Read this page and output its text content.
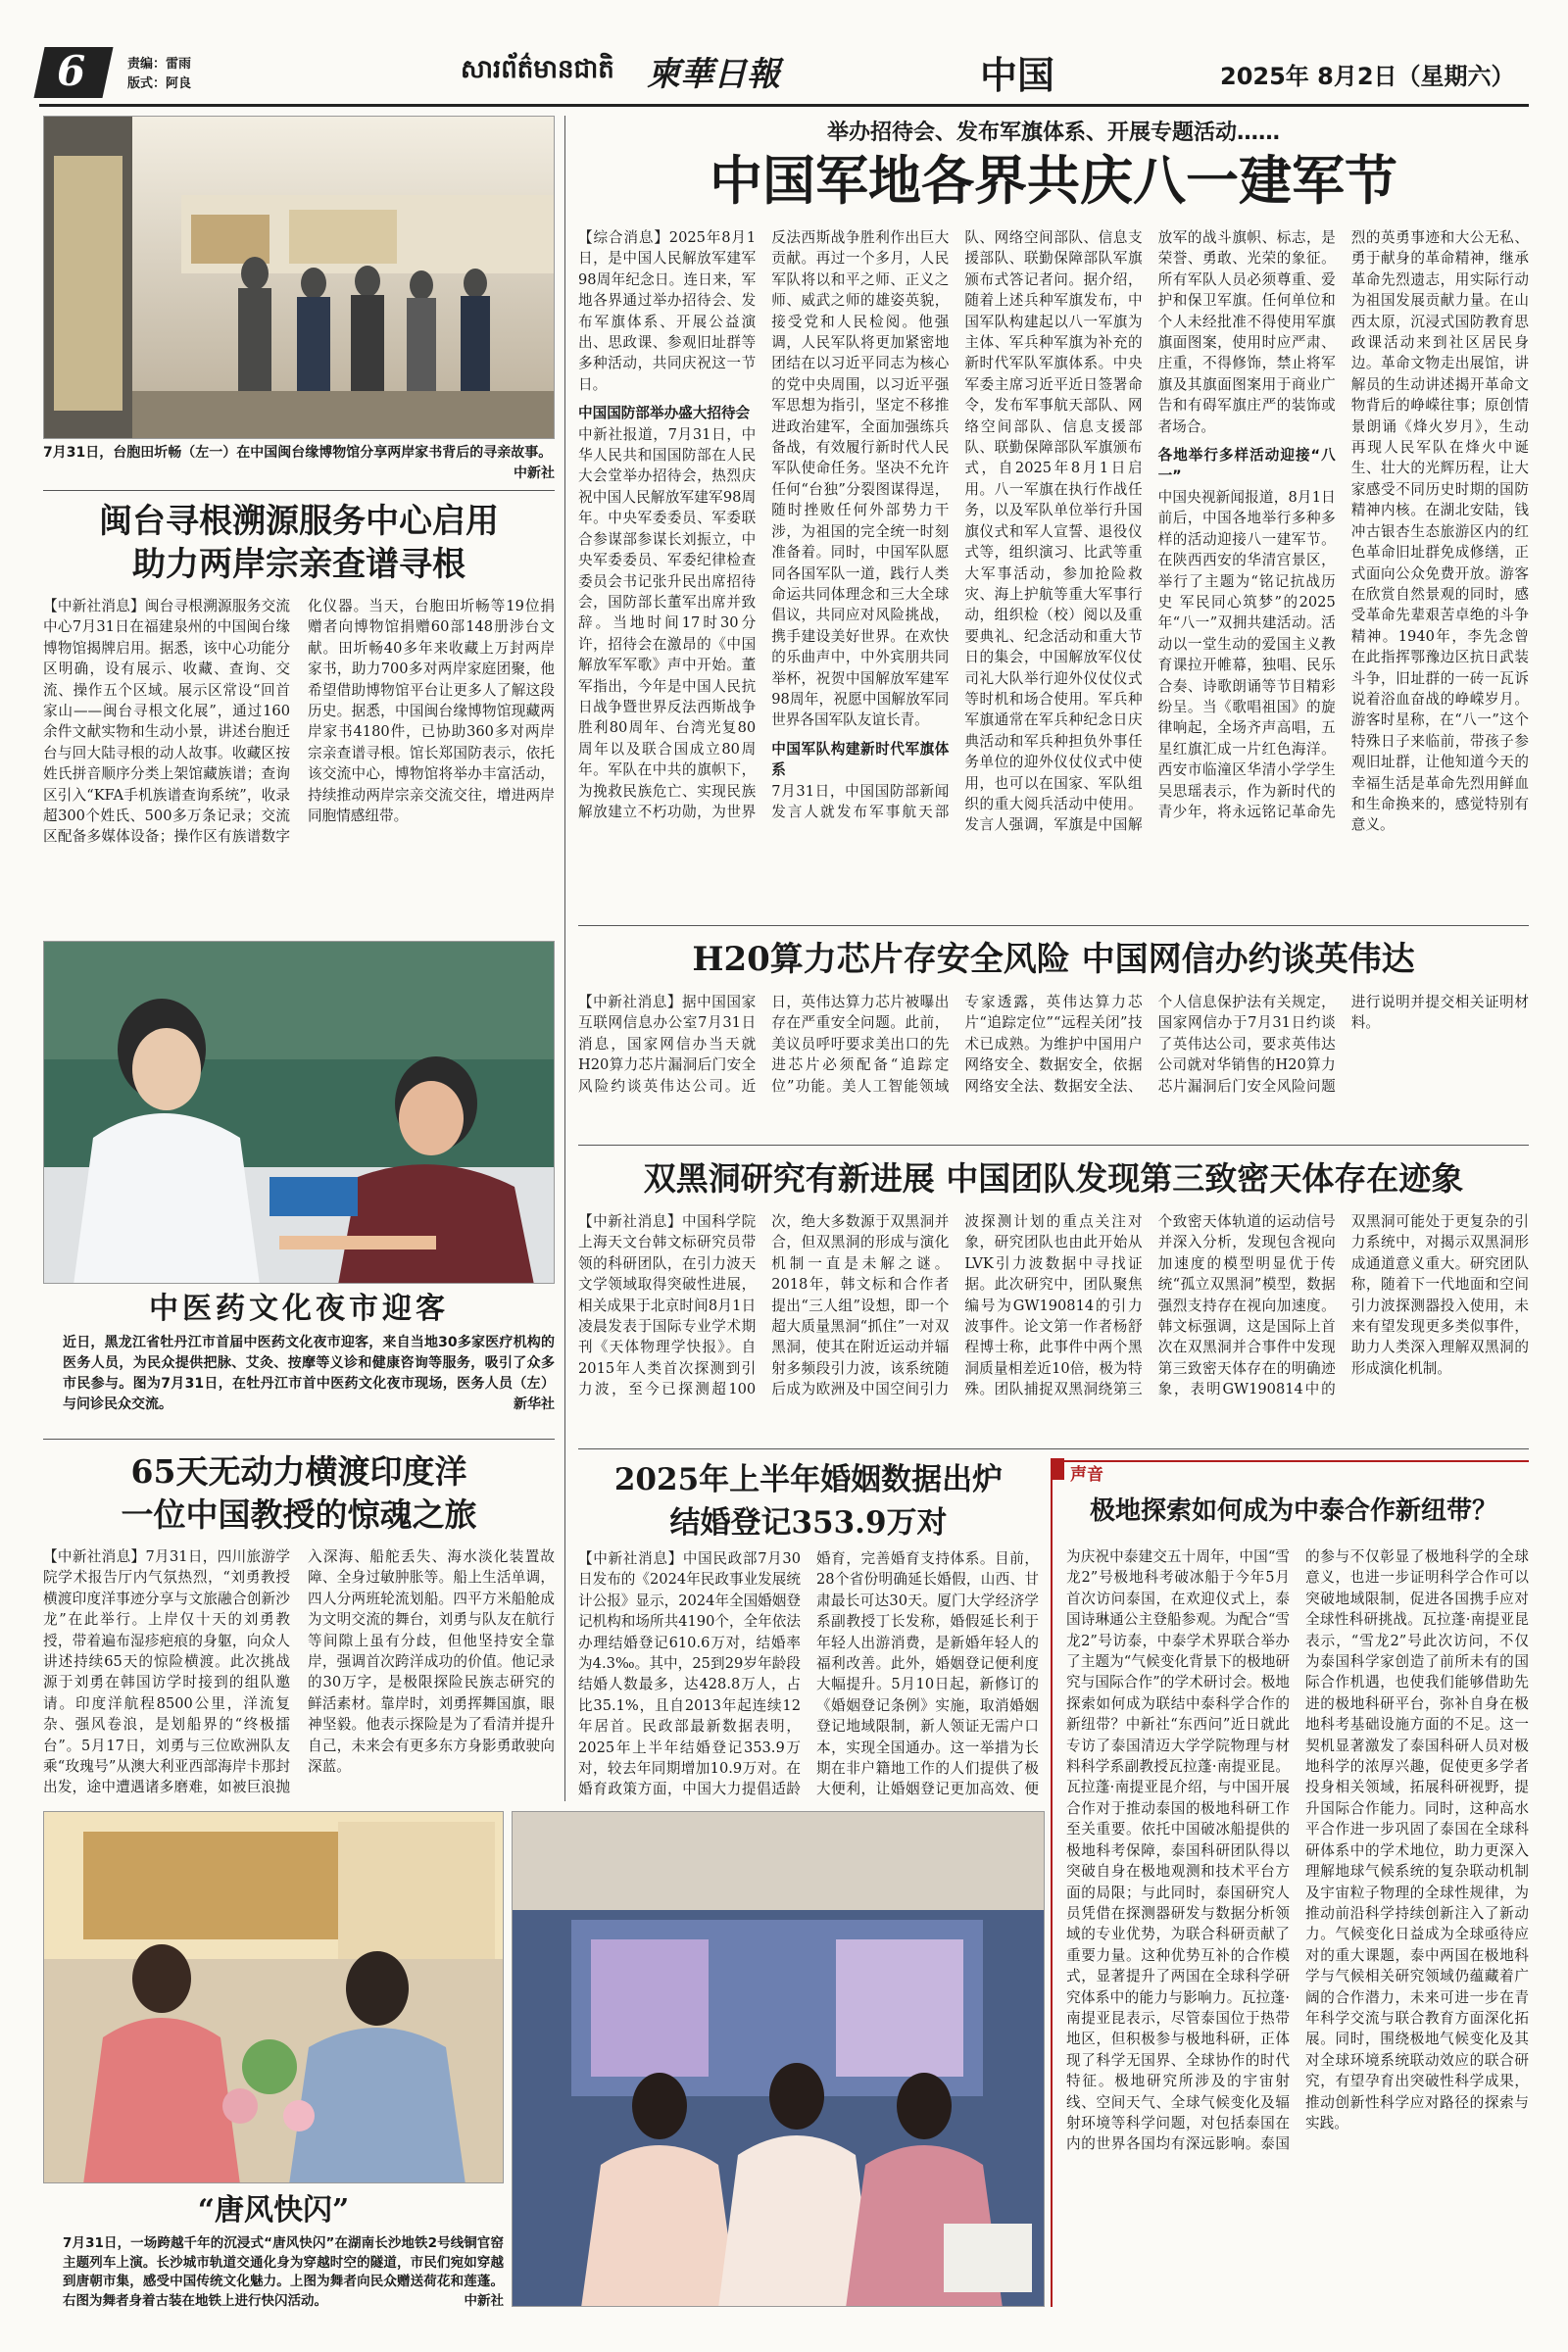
6	责编：雷雨
版式：阿良	សារព័ត៌មានជាតិ 柬華日報	中国	2025年 8月2日（星期六）
7月31日，台胞田圻畅（左一）在中国闽台缘博物馆分享两岸家书背后的寻亲故事。
中新社
闽台寻根溯源服务中心启用
助力两岸宗亲查谱寻根
【中新社消息】闽台寻根溯源服务交流中心7月31日在福建泉州的中国闽台缘博物馆揭牌启用。据悉，该中心功能分区明确，设有展示、收藏、查询、交流、操作五个区域。展示区常设“回首家山——闽台寻根文化展”，通过160余件文献实物和生动小景，讲述台胞迁台与回大陆寻根的动人故事。收藏区按姓氏拼音顺序分类上架馆藏族谱；查询区引入“KFA手机族谱查询系统”，收录超300个姓氏、500多万条记录；交流区配备多媒体设备；操作区有族谱数字化仪器。当天，台胞田圻畅等19位捐赠者向博物馆捐赠60部148册涉台文献。田圻畅40多年来收藏上万封两岸家书，助力700多对两岸家庭团聚，他希望借助博物馆平台让更多人了解这段历史。据悉，中国闽台缘博物馆现藏两岸家书4180件，已协助360多对两岸宗亲查谱寻根。馆长郑国防表示，依托该交流中心，博物馆将举办丰富活动，持续推动两岸宗亲交流交往，增进两岸同胞情感纽带。
中医药文化夜市迎客
近日，黑龙江省牡丹江市首届中医药文化夜市迎客，来自当地30多家医疗机构的医务人员，为民众提供把脉、艾灸、按摩等义诊和健康咨询等服务，吸引了众多市民参与。图为7月31日，在牡丹江市首中医药文化夜市现场，医务人员（左）与问诊民众交流。	新华社
65天无动力横渡印度洋
一位中国教授的惊魂之旅
【中新社消息】7月31日，四川旅游学院学术报告厅内气氛热烈，“刘勇教授横渡印度洋事迹分享与文旅融合创新沙龙”在此举行。上岸仅十天的刘勇教授，带着遍布湿疹疤痕的身躯，向众人讲述持续65天的惊险横渡。此次挑战源于刘勇在韩国访学时接到的组队邀请。印度洋航程8500公里，洋流复杂、强风卷浪，是划船界的“终极擂台”。5月17日，刘勇与三位欧洲队友乘“玫瑰号”从澳大利亚西部海岸卡那封出发，途中遭遇诸多磨难，如被巨浪抛入深海、船舵丢失、海水淡化装置故障、全身过敏肿胀等。船上生活单调，四人分两班轮流划船。四平方米船舱成为文明交流的舞台，刘勇与队友在航行等间隙上虽有分歧，但他坚持安全靠岸，强调首次跨洋成功的价值。他记录的30万字，是极限探险民族志研究的鲜活素材。靠岸时，刘勇挥舞国旗，眼神坚毅。他表示探险是为了看清并提升自己，未来会有更多东方身影勇敢驶向深蓝。
举办招待会、发布军旗体系、开展专题活动……
中国军地各界共庆八一建军节
【综合消息】2025年8月1日，是中国人民解放军建军98周年纪念日。连日来，军地各界通过举办招待会、发布军旗体系、开展公益演出、思政课、参观旧址群等多种活动，共同庆祝这一节日。
中国国防部举办盛大招待会
中新社报道，7月31日，中华人民共和国国防部在人民大会堂举办招待会，热烈庆祝中国人民解放军建军98周年。中央军委委员、军委联合参谋部参谋长刘振立，中央军委委员、军委纪律检查委员会书记张升民出席招待会，国防部长董军出席并致辞。当地时间17时30分许，招待会在激昂的《中国解放军军歌》声中开始。董军指出，今年是中国人民抗日战争暨世界反法西斯战争胜利80周年、台湾光复80周年以及联合国成立80周年。军队在中共的旗帜下，为挽救民族危亡、实现民族解放建立不朽功勋，为世界反法西斯战争胜利作出巨大贡献。再过一个多月，人民军队将以和平之师、正义之师、威武之师的雄姿英貌，接受党和人民检阅。他强调，人民军队将更加紧密地团结在以习近平同志为核心的党中央周围，以习近平强军思想为指引，坚定不移推进政治建军，全面加强练兵备战，有效履行新时代人民军队使命任务。坚决不允许任何“台独”分裂图谋得逞，随时挫败任何外部势力干涉，为祖国的完全统一时刻准备着。同时，中国军队愿同各国军队一道，践行人类命运共同体理念和三大全球倡议，共同应对风险挑战，携手建设美好世界。在欢快的乐曲声中，中外宾朋共同举杯，祝贺中国解放军建军98周年，祝愿中国解放军同世界各国军队友谊长青。
中国军队构建新时代军旗体系
7月31日，中国国防部新闻发言人就发布军事航天部队、网络空间部队、信息支援部队、联勤保障部队军旗颁布式答记者问。据介绍，随着上述兵种军旗发布，中国军队构建起以八一军旗为主体、军兵种军旗为补充的新时代军队军旗体系。中央军委主席习近平近日签署命令，发布军事航天部队、网络空间部队、信息支援部队、联勤保障部队军旗颁布式，自2025年8月1日启用。八一军旗在执行作战任务，以及军队单位举行升国旗仪式和军人宣誓、退役仪式等，组织演习、比武等重大军事活动，参加抢险救灾、海上护航等重大军事行动，组织检（校）阅以及重要典礼、纪念活动和重大节日的集会，中国解放军仪仗司礼大队举行迎外仪仗仪式等时机和场合使用。军兵种军旗通常在军兵种纪念日庆典活动和军兵种担负外事任务单位的迎外仪仗仪式中使用，也可以在国家、军队组织的重大阅兵活动中使用。发言人强调，军旗是中国解放军的战斗旗帜、标志，是荣誉、勇敢、光荣的象征。所有军队人员必须尊重、爱护和保卫军旗。任何单位和个人未经批准不得使用军旗旗面图案，使用时应严肃、庄重，不得修饰，禁止将军旗及其旗面图案用于商业广告和有碍军旗庄严的装饰或者场合。
各地举行多样活动迎接“八一”
中国央视新闻报道，8月1日前后，中国各地举行多种多样的活动迎接八一建军节。在陕西西安的华清宫景区，举行了主题为“铭记抗战历史 军民同心筑梦”的2025年“八一”双拥共建活动。活动以一堂生动的爱国主义教育课拉开帷幕，独唱、民乐合奏、诗歌朗诵等节目精彩纷呈。当《歌唱祖国》的旋律响起，全场齐声高唱，五星红旗汇成一片红色海洋。西安市临潼区华清小学学生吴思瑶表示，作为新时代的青少年，将永远铭记革命先烈的英勇事迹和大公无私、勇于献身的革命精神，继承革命先烈遗志，用实际行动为祖国发展贡献力量。在山西太原，沉浸式国防教育思政课活动来到社区居民身边。革命文物走出展馆，讲解员的生动讲述揭开革命文物背后的峥嵘往事；原创情景朗诵《烽火岁月》，生动再现人民军队在烽火中诞生、壮大的光辉历程，让大家感受不同历史时期的国防精神内核。在湖北安陆，钱冲古银杏生态旅游区内的红色革命旧址群免成修缮，正式面向公众免费开放。游客在欣赏自然景观的同时，感受革命先辈艰苦卓绝的斗争精神。1940年，李先念曾在此指挥鄂豫边区抗日武装斗争，旧址群的一砖一瓦诉说着浴血奋战的峥嵘岁月。游客时星称，在“八一”这个特殊日子来临前，带孩子参观旧址群，让他知道今天的幸福生活是革命先烈用鲜血和生命换来的，感觉特别有意义。
H20算力芯片存安全风险 中国网信办约谈英伟达
【中新社消息】据中国国家互联网信息办公室7月31日消息，国家网信办当天就H20算力芯片漏洞后门安全风险约谈英伟达公司。近日，英伟达算力芯片被曝出存在严重安全问题。此前，美议员呼吁要求美出口的先进芯片必须配备“追踪定位”功能。美人工智能领域专家透露，英伟达算力芯片“追踪定位”“远程关闭”技术已成熟。为维护中国用户网络安全、数据安全，依据网络安全法、数据安全法、个人信息保护法有关规定，国家网信办于7月31日约谈了英伟达公司，要求英伟达公司就对华销售的H20算力芯片漏洞后门安全风险问题进行说明并提交相关证明材料。
双黑洞研究有新进展 中国团队发现第三致密天体存在迹象
【中新社消息】中国科学院上海天文台韩文标研究员带领的科研团队，在引力波天文学领域取得突破性进展，相关成果于北京时间8月1日凌晨发表于国际专业学术期刊《天体物理学快报》。自2015年人类首次探测到引力波，至今已探测超100次，绝大多数源于双黑洞并合，但双黑洞的形成与演化机制一直是未解之谜。2018年，韩文标和合作者提出“三人组”设想，即一个超大质量黑洞“抓住”一对双黑洞，使其在附近运动并辐射多频段引力波，该系统随后成为欧洲及中国空间引力波探测计划的重点关注对象，研究团队也由此开始从LVK引力波数据中寻找证据。此次研究中，团队聚焦编号为GW190814的引力波事件。论文第一作者杨舒程博士称，此事件中两个黑洞质量相差近10倍，极为特殊。团队捕捉双黑洞绕第三个致密天体轨道的运动信号并深入分析，发现包含视向加速度的模型明显优于传统“孤立双黑洞”模型，数据强烈支持存在视向加速度。韩文标强调，这是国际上首次在双黑洞并合事件中发现第三致密天体存在的明确迹象，表明GW190814中的双黑洞可能处于更复杂的引力系统中，对揭示双黑洞形成通道意义重大。研究团队称，随着下一代地面和空间引力波探测器投入使用，未来有望发现更多类似事件，助力人类深入理解双黑洞的形成演化机制。
2025年上半年婚姻数据出炉
结婚登记353.9万对
【中新社消息】中国民政部7月30日发布的《2024年民政事业发展统计公报》显示，2024年全国婚姻登记机构和场所共4190个，全年依法办理结婚登记610.6万对，结婚率为4.3‰。其中，25到29岁年龄段结婚人数最多，达428.8万人，占比35.1%，且自2013年起连续12年居首。民政部最新数据表明，2025年上半年结婚登记353.9万对，较去年同期增加10.9万对。在婚育政策方面，中国大力提倡适龄婚育，完善婚育支持体系。目前，28个省份明确延长婚假，山西、甘肃最长可达30天。厦门大学经济学系副教授丁长发称，婚假延长利于年轻人出游消费，是新婚年轻人的福利改善。此外，婚姻登记便利度大幅提升。5月10日起，新修订的《婚姻登记条例》实施，取消婚姻登记地域限制，新人领证无需户口本，实现全国通办。这一举措为长期在非户籍地工作的人们提供了极大便利，让婚姻登记更加高效、便
声音
极地探索如何成为中泰合作新纽带？
为庆祝中泰建交五十周年，中国“雪龙2”号极地科考破冰船于今年5月首次访问泰国，在欢迎仪式上，泰国诗琳通公主登船参观。为配合“雪龙2”号访泰，中泰学术界联合举办了主题为“气候变化背景下的极地研究与国际合作”的学术研讨会。极地探索如何成为联结中泰科学合作的新纽带？中新社“东西问”近日就此专访了泰国清迈大学学院物理与材料科学系副教授瓦拉蓬·南提亚昆。瓦拉蓬·南提亚昆介绍，与中国开展合作对于推动泰国的极地科研工作至关重要。依托中国破冰船提供的极地科考保障，泰国科研团队得以突破自身在极地观测和技术平台方面的局限；与此同时，泰国研究人员凭借在探测器研发与数据分析领域的专业优势，为联合科研贡献了重要力量。这种优势互补的合作模式，显著提升了两国在全球科学研究体系中的能力与影响力。瓦拉蓬·南提亚昆表示，尽管泰国位于热带地区，但积极参与极地科研，正体现了科学无国界、全球协作的时代特征。极地研究所涉及的宇宙射线、空间天气、全球气候变化及辐射环境等科学问题，对包括泰国在内的世界各国均有深远影响。泰国的参与不仅彰显了极地科学的全球意义，也进一步证明科学合作可以突破地域限制，促进各国携手应对全球性科研挑战。瓦拉蓬·南提亚昆表示，“雪龙2”号此次访问，不仅为泰国科学家创造了前所未有的国际合作机遇，也使我们能够借助先进的极地科研平台，弥补自身在极地科考基础设施方面的不足。这一契机显著激发了泰国科研人员对极地科学的浓厚兴趣，促使更多学者投身相关领域，拓展科研视野，提升国际合作能力。同时，这种高水平合作进一步巩固了泰国在全球科研体系中的学术地位，助力更深入理解地球气候系统的复杂联动机制及宇宙粒子物理的全球性规律，为推动前沿科学持续创新注入了新动力。气候变化日益成为全球亟待应对的重大课题，泰中两国在极地科学与气候相关研究领域仍蕴藏着广阔的合作潜力，未来可进一步在青年科学交流与联合教育方面深化拓展。同时，围绕极地气候变化及其对全球环境系统联动效应的联合研究，有望孕育出突破性科学成果，推动创新性科学应对路径的探索与实践。
“唐风快闪”
7月31日，一场跨越千年的沉浸式“唐风快闪”在湖南长沙地铁2号线铜官窑主题列车上演。长沙城市轨道交通化身为穿越时空的隧道，市民们宛如穿越到唐朝市集，感受中国传统文化魅力。上图为舞者向民众赠送荷花和莲蓬。右图为舞者身着古装在地铁上进行快闪活动。	中新社
